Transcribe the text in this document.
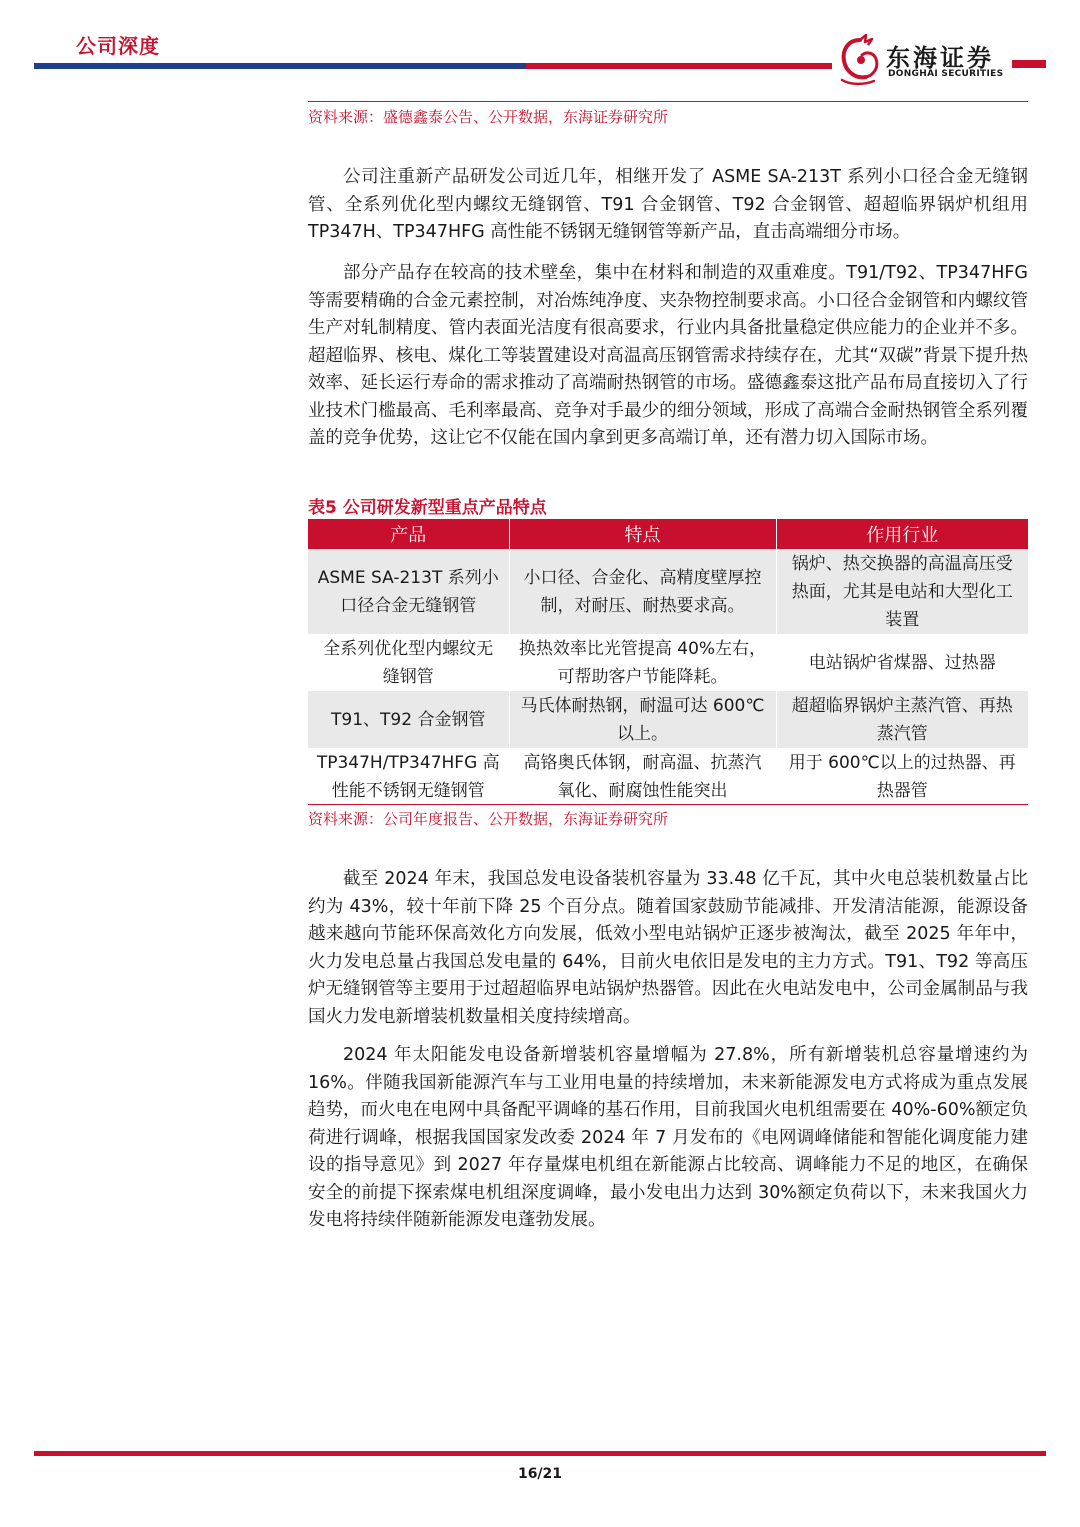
公司深度	东海证券
DONGHAI SECURITIES
资料来源：盛德鑫泰公告、公开数据，东海证券研究所

公司注重新产品研发公司近几年，相继开发了 ASME SA-213T 系列小口径合金无缝钢管、全系列优化型内螺纹无缝钢管、T91 合金钢管、T92 合金钢管、超超临界锅炉机组用 TP347H、TP347HFG 高性能不锈钢无缝钢管等新产品，直击高端细分市场。

部分产品存在较高的技术壁垒，集中在材料和制造的双重难度。T91/T92、TP347HFG 等需要精确的合金元素控制，对冶炼纯净度、夹杂物控制要求高。小口径合金钢管和内螺纹管生产对轧制精度、管内表面光洁度有很高要求，行业内具备批量稳定供应能力的企业并不多。超超临界、核电、煤化工等装置建设对高温高压钢管需求持续存在，尤其“双碳”背景下提升热效率、延长运行寿命的需求推动了高端耐热钢管的市场。盛德鑫泰这批产品布局直接切入了行业技术门槛最高、毛利率最高、竞争对手最少的细分领域，形成了高端合金耐热钢管全系列覆盖的竞争优势，这让它不仅能在国内拿到更多高端订单，还有潜力切入国际市场。

表5 公司研发新型重点产品特点
产品	特点	作用行业
ASME SA-213T 系列小口径合金无缝钢管	小口径、合金化、高精度壁厚控制，对耐压、耐热要求高。	锅炉、热交换器的高温高压受热面，尤其是电站和大型化工装置
全系列优化型内螺纹无缝钢管	换热效率比光管提高 40%左右，可帮助客户节能降耗。	电站锅炉省煤器、过热器
T91、T92 合金钢管	马氏体耐热钢，耐温可达 600℃以上。	超超临界锅炉主蒸汽管、再热蒸汽管
TP347H/TP347HFG 高性能不锈钢无缝钢管	高铬奥氏体钢，耐高温、抗蒸汽氧化、耐腐蚀性能突出	用于 600℃以上的过热器、再热器管
资料来源：公司年度报告、公开数据，东海证券研究所

截至 2024 年末，我国总发电设备装机容量为 33.48 亿千瓦，其中火电总装机数量占比约为 43%，较十年前下降 25 个百分点。随着国家鼓励节能减排、开发清洁能源，能源设备越来越向节能环保高效化方向发展，低效小型电站锅炉正逐步被淘汰，截至 2025 年年中，火力发电总量占我国总发电量的 64%，目前火电依旧是发电的主力方式。T91、T92 等高压炉无缝钢管等主要用于过超超临界电站锅炉热器管。因此在火电站发电中，公司金属制品与我国火力发电新增装机数量相关度持续增高。

2024 年太阳能发电设备新增装机容量增幅为 27.8%，所有新增装机总容量增速约为 16%。伴随我国新能源汽车与工业用电量的持续增加，未来新能源发电方式将成为重点发展趋势，而火电在电网中具备配平调峰的基石作用，目前我国火电机组需要在 40%-60%额定负荷进行调峰，根据我国国家发改委 2024 年 7 月发布的《电网调峰储能和智能化调度能力建设的指导意见》到 2027 年存量煤电机组在新能源占比较高、调峰能力不足的地区，在确保安全的前提下探索煤电机组深度调峰，最小发电出力达到 30%额定负荷以下，未来我国火力发电将持续伴随新能源发电蓬勃发展。

16/21
